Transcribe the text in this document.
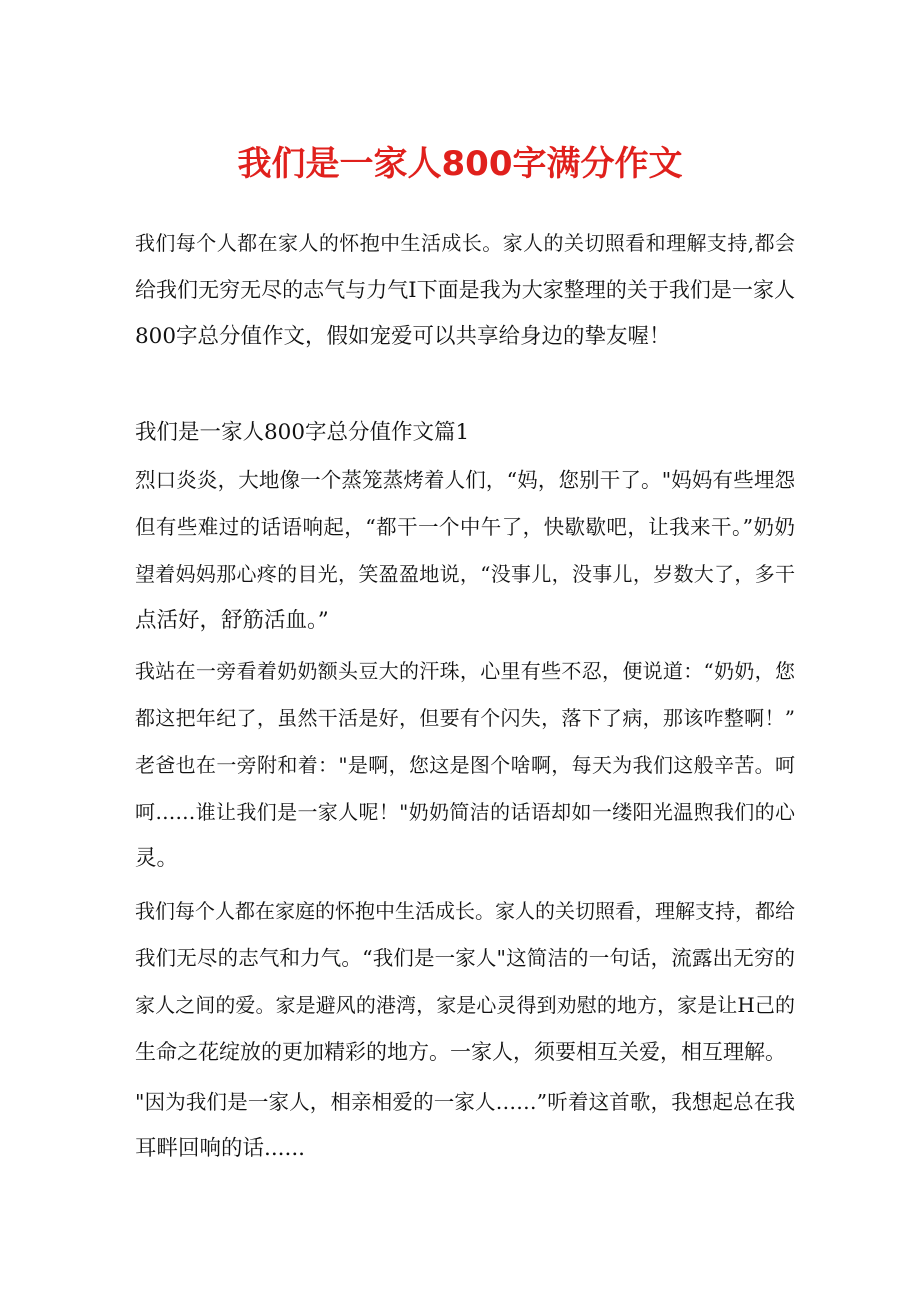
我们是一家人800字满分作文
我们每个人都在家人的怀抱中生活成长。家人的关切照看和理解支持,都会
给我们无穷无尽的志气与力气I下面是我为大家整理的关于我们是一家人
800字总分值作文，假如宠爱可以共享给身边的挚友喔！
我们是一家人800字总分值作文篇1
烈口炎炎，大地像一个蒸笼蒸烤着人们，“妈，您别干了。"妈妈有些埋怨
但有些难过的话语响起，“都干一个中午了，快歇歇吧，让我来干。”奶奶
望着妈妈那心疼的目光，笑盈盈地说，“没事儿，没事儿，岁数大了，多干
点活好，舒筋活血。”
我站在一旁看着奶奶额头豆大的汗珠，心里有些不忍，便说道：“奶奶，您
都这把年纪了，虽然干活是好，但要有个闪失，落下了病，那该咋整啊！”
老爸也在一旁附和着："是啊，您这是图个啥啊，每天为我们这般辛苦。呵
呵……谁让我们是一家人呢！"奶奶简洁的话语却如一缕阳光温煦我们的心
灵。
我们每个人都在家庭的怀抱中生活成长。家人的关切照看，理解支持，都给
我们无尽的志气和力气。“我们是一家人"这简洁的一句话，流露出无穷的
家人之间的爱。家是避风的港湾，家是心灵得到劝慰的地方，家是让H己的
生命之花绽放的更加精彩的地方。一家人，须要相互关爱，相互理解。
"因为我们是一家人，相亲相爱的一家人……”听着这首歌，我想起总在我
耳畔回响的话......
